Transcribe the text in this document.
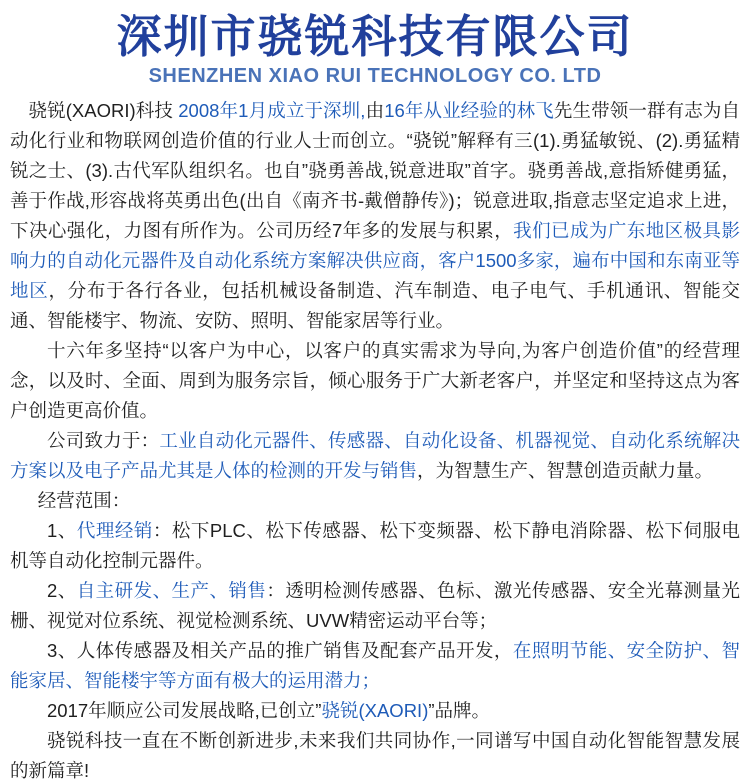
深圳市骁锐科技有限公司
SHENZHEN XIAO RUI TECHNOLOGY CO. LTD

骁锐(XAORI)科技 2008年1月成立于深圳,由16年从业经验的林飞先生带领一群有志为自动化行业和物联网创造价值的行业人士而创立。“骁锐”解释有三(1).勇猛敏锐、(2).勇猛精锐之士、(3).古代军队组织名。也自”骁勇善战,锐意进取”首字。骁勇善战,意指矫健勇猛，善于作战,形容战将英勇出色(出自《南齐书-戴僧静传》)；锐意进取,指意志坚定追求上进，下决心强化，力图有所作为。公司历经7年多的发展与积累，我们已成为广东地区极具影响力的自动化元器件及自动化系统方案解决供应商，客户1500多家，遍布中国和东南亚等地区，分布于各行各业，包括机械设备制造、汽车制造、电子电气、手机通讯、智能交通、智能楼宇、物流、安防、照明、智能家居等行业。

十六年多坚持“以客户为中心，以客户的真实需求为导向,为客户创造价值”的经营理念，以及时、全面、周到为服务宗旨，倾心服务于广大新老客户，并坚定和坚持这点为客户创造更高价值。

公司致力于：工业自动化元器件、传感器、自动化设备、机器视觉、自动化系统解决方案以及电子产品尤其是人体的检测的开发与销售，为智慧生产、智慧创造贡献力量。

经营范围：

1、代理经销：松下PLC、松下传感器、松下变频器、松下静电消除器、松下伺服电机等自动化控制元器件。

2、自主研发、生产、销售：透明检测传感器、色标、激光传感器、安全光幕测量光栅、视觉对位系统、视觉检测系统、UVW精密运动平台等；

3、人体传感器及相关产品的推广销售及配套产品开发，在照明节能、安全防护、智能家居、智能楼宇等方面有极大的运用潜力；

2017年顺应公司发展战略,已创立”骁锐(XAORI)”品牌。

骁锐科技一直在不断创新进步,未来我们共同协作,一同谱写中国自动化智能智慧发展的新篇章!
